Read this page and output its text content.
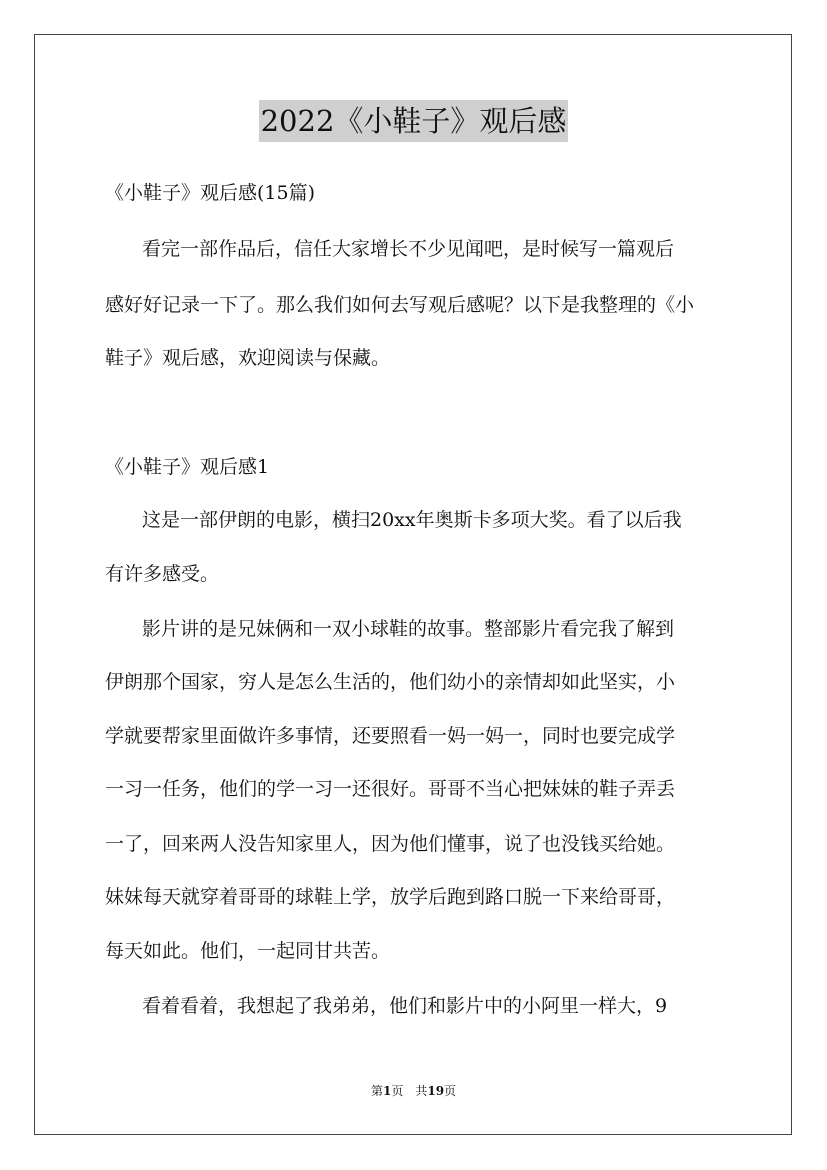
2022《小鞋子》观后感
《小鞋子》观后感(15篇)
看完一部作品后，信任大家增长不少见闻吧，是时候写一篇观后
感好好记录一下了。那么我们如何去写观后感呢？以下是我整理的《小
鞋子》观后感，欢迎阅读与保藏。
《小鞋子》观后感1
这是一部伊朗的电影，横扫20xx年奥斯卡多项大奖。看了以后我
有许多感受。
影片讲的是兄妹俩和一双小球鞋的故事。整部影片看完我了解到
伊朗那个国家，穷人是怎么生活的，他们幼小的亲情却如此坚实，小
学就要帮家里面做许多事情，还要照看一妈一妈一，同时也要完成学
一习一任务，他们的学一习一还很好。哥哥不当心把妹妹的鞋子弄丢
一了，回来两人没告知家里人，因为他们懂事，说了也没钱买给她。
妹妹每天就穿着哥哥的球鞋上学，放学后跑到路口脱一下来给哥哥，
每天如此。他们，一起同甘共苦。
看着看着，我想起了我弟弟，他们和影片中的小阿里一样大，9
第1页 共19页
